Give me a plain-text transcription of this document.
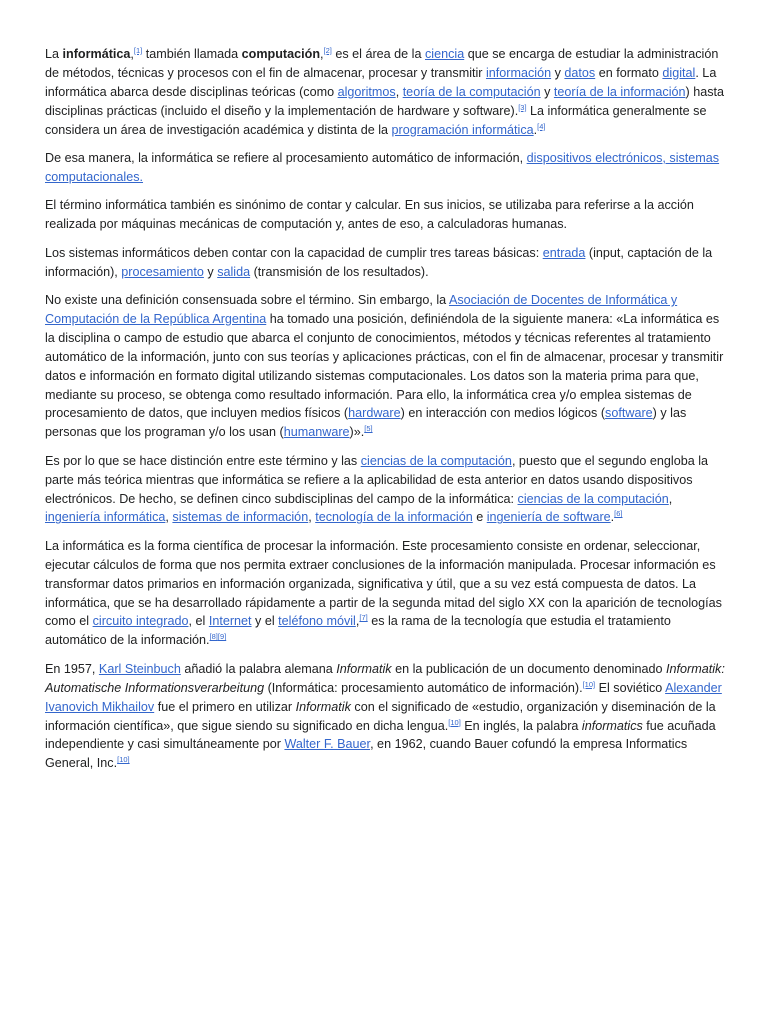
La informática,[1] también llamada computación,[2] es el área de la ciencia que se encarga de estudiar la administración de métodos, técnicas y procesos con el fin de almacenar, procesar y transmitir información y datos en formato digital. La informática abarca desde disciplinas teóricas (como algoritmos, teoría de la computación y teoría de la información) hasta disciplinas prácticas (incluido el diseño y la implementación de hardware y software).[3] La informática generalmente se considera un área de investigación académica y distinta de la programación informática.[4]

De esa manera, la informática se refiere al procesamiento automático de información, dispositivos electrónicos, sistemas computacionales.

El término informática también es sinónimo de contar y calcular. En sus inicios, se utilizaba para referirse a la acción realizada por máquinas mecánicas de computación y, antes de eso, a calculadoras humanas.

Los sistemas informáticos deben contar con la capacidad de cumplir tres tareas básicas: entrada (input, captación de la información), procesamiento y salida (transmisión de los resultados).

No existe una definición consensuada sobre el término. Sin embargo, la Asociación de Docentes de Informática y Computación de la República Argentina ha tomado una posición, definiéndola de la siguiente manera: «La informática es la disciplina o campo de estudio que abarca el conjunto de conocimientos, métodos y técnicas referentes al tratamiento automático de la información, junto con sus teorías y aplicaciones prácticas, con el fin de almacenar, procesar y transmitir datos e información en formato digital utilizando sistemas computacionales. Los datos son la materia prima para que, mediante su proceso, se obtenga como resultado información. Para ello, la informática crea y/o emplea sistemas de procesamiento de datos, que incluyen medios físicos (hardware) en interacción con medios lógicos (software) y las personas que los programan y/o los usan (humanware)».[5]

Es por lo que se hace distinción entre este término y las ciencias de la computación, puesto que el segundo engloba la parte más teórica mientras que informática se refiere a la aplicabilidad de esta anterior en datos usando dispositivos electrónicos. De hecho, se definen cinco subdisciplinas del campo de la informática: ciencias de la computación, ingeniería informática, sistemas de información, tecnología de la información e ingeniería de software.[6]

La informática es la forma científica de procesar la información. Este procesamiento consiste en ordenar, seleccionar, ejecutar cálculos de forma que nos permita extraer conclusiones de la información manipulada. Procesar información es transformar datos primarios en información organizada, significativa y útil, que a su vez está compuesta de datos. La informática, que se ha desarrollado rápidamente a partir de la segunda mitad del siglo XX con la aparición de tecnologías como el circuito integrado, el Internet y el teléfono móvil,[7] es la rama de la tecnología que estudia el tratamiento automático de la información.[8][9]

En 1957, Karl Steinbuch añadió la palabra alemana Informatik en la publicación de un documento denominado Informatik: Automatische Informationsverarbeitung (Informática: procesamiento automático de información).[10] El soviético Alexander Ivanovich Mikhailov fue el primero en utilizar Informatik con el significado de «estudio, organización y diseminación de la información científica», que sigue siendo su significado en dicha lengua.[10] En inglés, la palabra informatics fue acuñada independiente y casi simultáneamente por Walter F. Bauer, en 1962, cuando Bauer cofundó la empresa Informatics General, Inc.[10]
